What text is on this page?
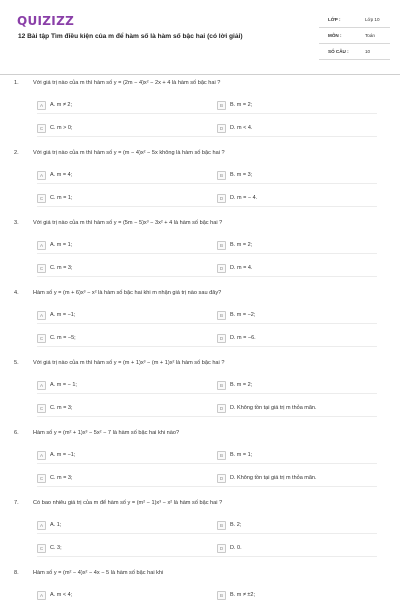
QUIZIZZ
12 Bài tập Tìm điều kiện của m để hàm số là hàm số bậc hai (có lời giải)
LỚP :	Lớp 10
MÔN :	Toán
SỐ CÂU :	10
1.	Với giá trị nào của m thì hàm số y = (2m − 4)x² − 2x + 4 là hàm số bậc hai ?
A	A. m ≠ 2;	B	B. m = 2;
C	C. m > 0;	D	D. m < 4.
2.	Với giá trị nào của m thì hàm số y = (m − 4)x² − 5x không là hàm số bậc hai ?
A	A. m = 4;	B	B. m = 3;
C	C. m = 1;	D	D. m = − 4.
3.	Với giá trị nào của m thì hàm số y = (5m − 5)x³ − 3x² + 4 là hàm số bậc hai ?
A	A. m = 1;	B	B. m = 2;
C	C. m = 3;	D	D. m = 4.
4.	Hàm số y = (m + 6)x³ − x² là hàm số bậc hai khi m nhận giá trị nào sau đây?
A	A. m = −1;	B	B. m = −2;
C	C. m = −5;	D	D. m = −6.
5.	Với giá trị nào của m thì hàm số y = (m + 1)x³ − (m + 1)x² là hàm số bậc hai ?
A	A. m = − 1;	B	B. m = 2;
C	C. m = 3;	D	D. Không tồn tại giá trị m thỏa mãn.
6.	Hàm số y = (m² + 1)x³ − 5x² − 7 là hàm số bậc hai khi nào?
A	A. m = −1;	B	B. m = 1;
C	C. m = 3;	D	D. Không tồn tại giá trị m thỏa mãn.
7.	Có bao nhiêu giá trị của m để hàm số y = (m² − 1)x³ − x² là hàm số bậc hai ?
A	A. 1;	B	B. 2;
C	C. 3;	D	D. 0.
8.	Hàm số y = (m² − 4)x² − 4x − 5 là hàm số bậc hai khi
A	A. m < 4;	B	B. m ≠ ±2;
